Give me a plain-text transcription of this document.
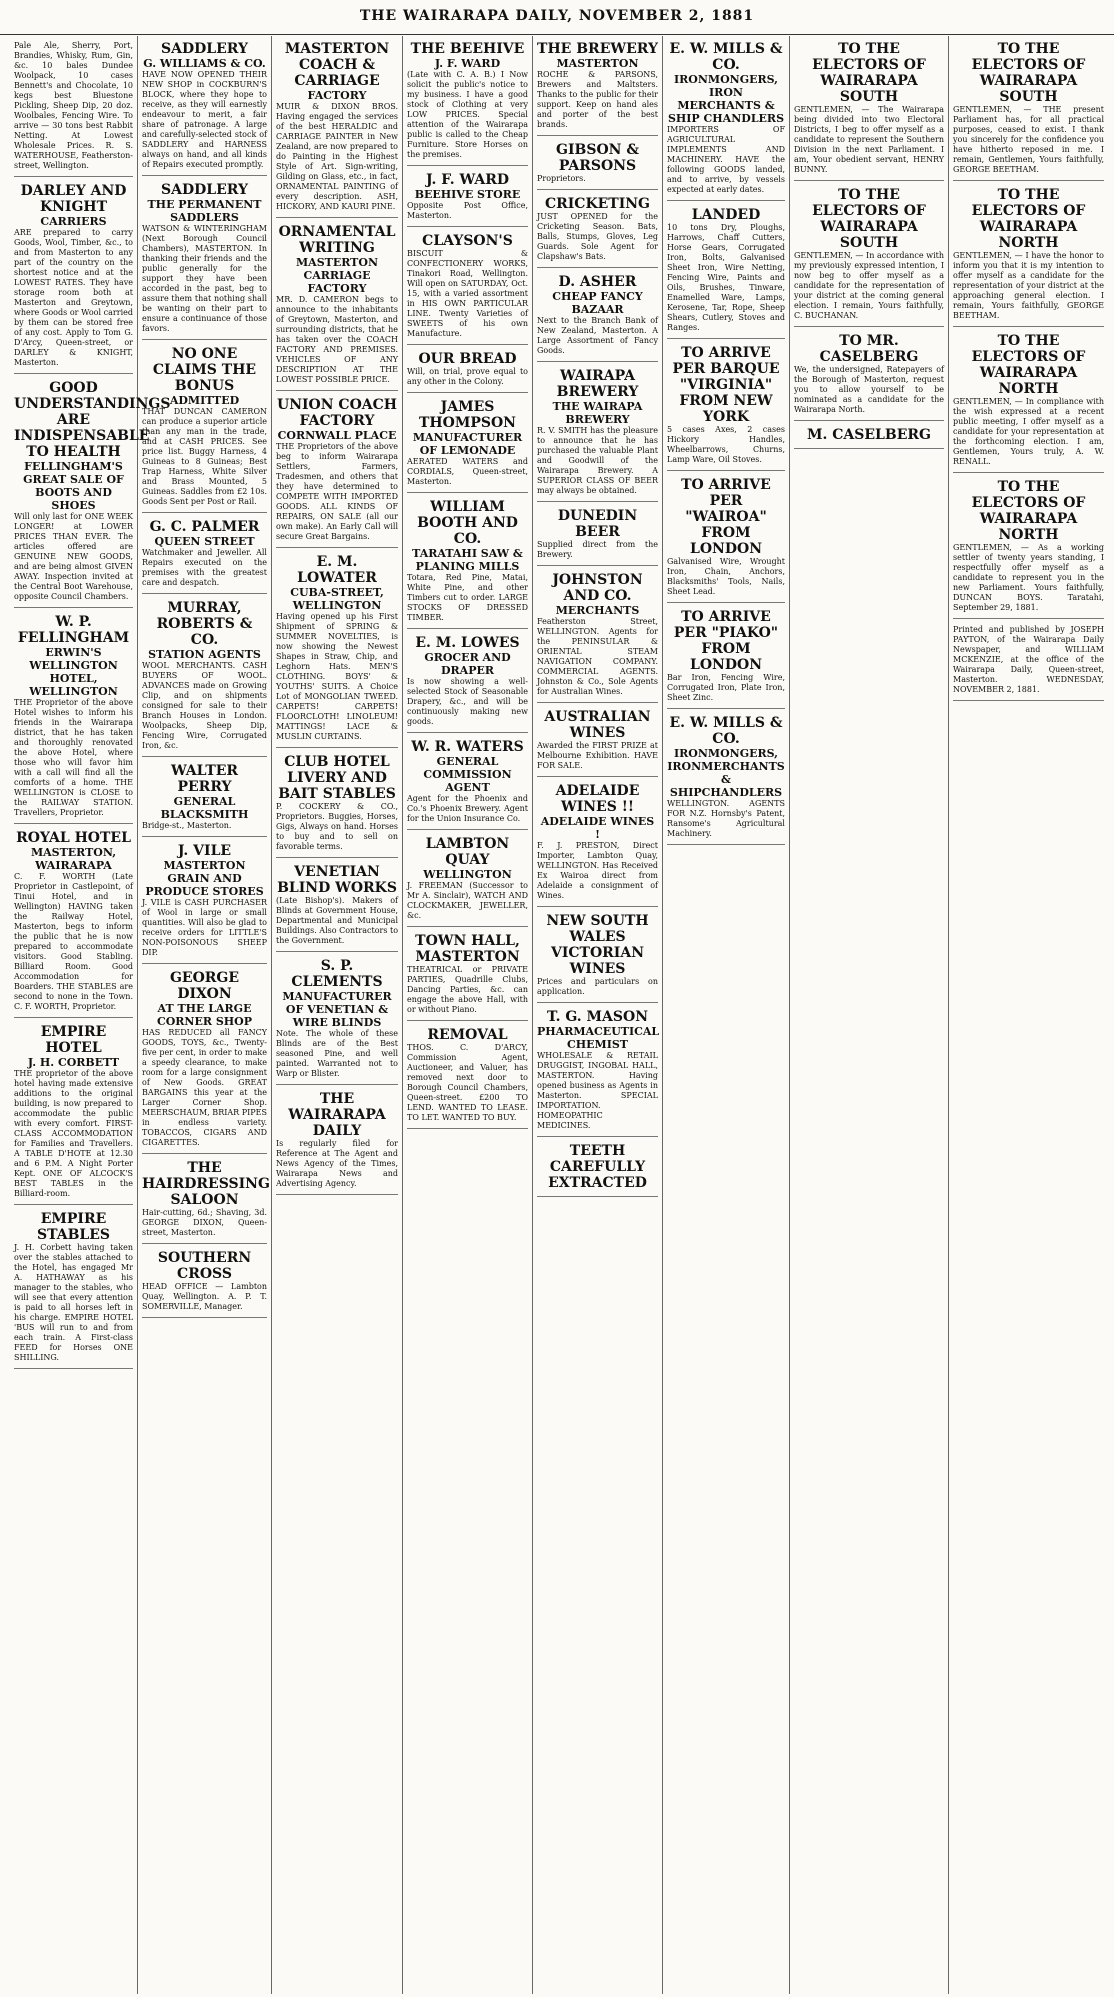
THE WAIRARAPA DAILY, NOVEMBER 2, 1881
Pale Ale, Sherry, Port, Brandies, Whisky, Rum, Gin, &c. 10 bales Dundee Woolpack, 10 cases Bennett's and Chocolate, 10 kegs best Bluestone Pickling, Sheep Dip, 20 doz. Woolbales, Fencing Wire. To arrive — 30 tons best Rabbit Netting. At Lowest Wholesale Prices. R. S. WATERHOUSE, Featherston-street, Wellington.
DARLEY AND KNIGHT
CARRIERS
ARE prepared to carry Goods, Wool, Timber, &c., to and from Masterton to any part of the country on the shortest notice and at the LOWEST RATES. They have storage room both at Masterton and Greytown, where Goods or Wool carried by them can be stored free of any cost. Apply to Tom G. D'Arcy, Queen-street, or DARLEY & KNIGHT, Masterton.
GOOD UNDERSTANDINGS ARE INDISPENSABLE TO HEALTH
FELLINGHAM'S GREAT SALE OF BOOTS AND SHOES
Will only last for ONE WEEK LONGER! at LOWER PRICES THAN EVER. The articles offered are GENUINE NEW GOODS, and are being almost GIVEN AWAY. Inspection invited at the Central Boot Warehouse, opposite Council Chambers.
W. P. FELLINGHAM
ERWIN'S WELLINGTON HOTEL, WELLINGTON
THE Proprietor of the above Hotel wishes to inform his friends in the Wairarapa district, that he has taken and thoroughly renovated the above Hotel, where those who will favor him with a call will find all the comforts of a home. THE WELLINGTON is CLOSE to the RAILWAY STATION. Travellers, Proprietor.
ROYAL HOTEL
MASTERTON, WAIRARAPA
C. F. WORTH (Late Proprietor in Castlepoint, of Tinui Hotel, and in Wellington) HAVING taken the Railway Hotel, Masterton, begs to inform the public that he is now prepared to accommodate visitors. Good Stabling. Billiard Room. Good Accommodation for Boarders. THE STABLES are second to none in the Town. C. F. WORTH, Proprietor.
EMPIRE HOTEL
J. H. CORBETT
THE proprietor of the above hotel having made extensive additions to the original building, is now prepared to accommodate the public with every comfort. FIRST-CLASS ACCOMMODATION for Families and Travellers. A TABLE D'HOTE at 12.30 and 6 P.M. A Night Porter Kept. ONE OF ALCOCK'S BEST TABLES in the Billiard-room.
EMPIRE STABLES
J. H. Corbett having taken over the stables attached to the Hotel, has engaged Mr A. HATHAWAY as his manager to the stables, who will see that every attention is paid to all horses left in his charge. EMPIRE HOTEL 'BUS will run to and from each train. A First-class FEED for Horses ONE SHILLING.
SADDLERY
G. WILLIAMS & CO.
HAVE NOW OPENED THEIR NEW SHOP in COCKBURN'S BLOCK, where they hope to receive, as they will earnestly endeavour to merit, a fair share of patronage. A large and carefully-selected stock of SADDLERY and HARNESS always on hand, and all kinds of Repairs executed promptly.
SADDLERY
THE PERMANENT SADDLERS
WATSON & WINTERINGHAM (Next Borough Council Chambers), MASTERTON. In thanking their friends and the public generally for the support they have been accorded in the past, beg to assure them that nothing shall be wanting on their part to ensure a continuance of those favors.
NO ONE CLAIMS THE BONUS
ADMITTED
THAT DUNCAN CAMERON can produce a superior article than any man in the trade, and at CASH PRICES. See price list. Buggy Harness, 4 Guineas to 8 Guineas; Best Trap Harness, White Silver and Brass Mounted, 5 Guineas. Saddles from £2 10s. Goods Sent per Post or Rail.
G. C. PALMER
QUEEN STREET
Watchmaker and Jeweller. All Repairs executed on the premises with the greatest care and despatch.
MURRAY, ROBERTS & CO.
STATION AGENTS
WOOL MERCHANTS. CASH BUYERS OF WOOL. ADVANCES made on Growing Clip, and on shipments consigned for sale to their Branch Houses in London. Woolpacks, Sheep Dip, Fencing Wire, Corrugated Iron, &c.
WALTER PERRY
GENERAL BLACKSMITH
Bridge-st., Masterton.
J. VILE
MASTERTON GRAIN AND PRODUCE STORES
J. VILE is CASH PURCHASER of Wool in large or small quantities. Will also be glad to receive orders for LITTLE'S NON-POISONOUS SHEEP DIP.
GEORGE DIXON
AT THE LARGE CORNER SHOP
HAS REDUCED all FANCY GOODS, TOYS, &c., Twenty-five per cent, in order to make a speedy clearance, to make room for a large consignment of New Goods. GREAT BARGAINS this year at the Larger Corner Shop. MEERSCHAUM, BRIAR PIPES in endless variety. TOBACCOS, CIGARS AND CIGARETTES.
THE HAIRDRESSING SALOON
Hair-cutting, 6d.; Shaving, 3d. GEORGE DIXON, Queen-street, Masterton.
SOUTHERN CROSS
HEAD OFFICE — Lambton Quay, Wellington. A. P. T. SOMERVILLE, Manager.
MASTERTON COACH & CARRIAGE
FACTORY
MUIR & DIXON BROS. Having engaged the services of the best HERALDIC and CARRIAGE PAINTER in New Zealand, are now prepared to do Painting in the Highest Style of Art. Sign-writing, Gilding on Glass, etc., in fact, ORNAMENTAL PAINTING of every description. ASH, HICKORY, AND KAURI PINE.
ORNAMENTAL WRITING
MASTERTON CARRIAGE FACTORY
MR. D. CAMERON begs to announce to the inhabitants of Greytown, Masterton, and surrounding districts, that he has taken over the COACH FACTORY AND PREMISES. VEHICLES OF ANY DESCRIPTION AT THE LOWEST POSSIBLE PRICE.
UNION COACH FACTORY
CORNWALL PLACE
THE Proprietors of the above beg to inform Wairarapa Settlers, Farmers, Tradesmen, and others that they have determined to COMPETE WITH IMPORTED GOODS. ALL KINDS OF REPAIRS, ON SALE (all our own make). An Early Call will secure Great Bargains.
E. M. LOWATER
CUBA-STREET, WELLINGTON
Having opened up his First Shipment of SPRING & SUMMER NOVELTIES, is now showing the Newest Shapes in Straw, Chip, and Leghorn Hats. MEN'S CLOTHING. BOYS' & YOUTHS' SUITS. A Choice Lot of MONGOLIAN TWEED. CARPETS! CARPETS! FLOORCLOTH! LINOLEUM! MATTINGS! LACE & MUSLIN CURTAINS.
CLUB HOTEL LIVERY AND BAIT STABLES
P. COCKERY & CO., Proprietors. Buggies, Horses, Gigs, Always on hand. Horses to buy and to sell on favorable terms.
VENETIAN BLIND WORKS
(Late Bishop's). Makers of Blinds at Government House, Departmental and Municipal Buildings. Also Contractors to the Government.
S. P. CLEMENTS
MANUFACTURER OF VENETIAN & WIRE BLINDS
Note. The whole of these Blinds are of the Best seasoned Pine, and well painted. Warranted not to Warp or Blister.
THE WAIRARAPA DAILY
Is regularly filed for Reference at The Agent and News Agency of the Times, Wairarapa News and Advertising Agency.
THE BEEHIVE
J. F. WARD
(Late with C. A. B.) I Now solicit the public's notice to my business. I have a good stock of Clothing at very LOW PRICES. Special attention of the Wairarapa public is called to the Cheap Furniture. Store Horses on the premises.
J. F. WARD
BEEHIVE STORE
Opposite Post Office, Masterton.
CLAYSON'S
BISCUIT & CONFECTIONERY WORKS, Tinakori Road, Wellington. Will open on SATURDAY, Oct. 15, with a varied assortment in HIS OWN PARTICULAR LINE. Twenty Varieties of SWEETS of his own Manufacture.
OUR BREAD
Will, on trial, prove equal to any other in the Colony.
JAMES THOMPSON
MANUFACTURER OF LEMONADE
AERATED WATERS and CORDIALS, Queen-street, Masterton.
WILLIAM BOOTH AND CO.
TARATAHI SAW & PLANING MILLS
Totara, Red Pine, Matai, White Pine, and other Timbers cut to order. LARGE STOCKS OF DRESSED TIMBER.
E. M. LOWES
GROCER AND DRAPER
Is now showing a well-selected Stock of Seasonable Drapery, &c., and will be continuously making new goods.
W. R. WATERS
GENERAL COMMISSION AGENT
Agent for the Phoenix and Co.'s Phoenix Brewery. Agent for the Union Insurance Co.
LAMBTON QUAY
WELLINGTON
J. FREEMAN (Successor to Mr A. Sinclair), WATCH AND CLOCKMAKER, JEWELLER, &c.
TOWN HALL, MASTERTON
THEATRICAL or PRIVATE PARTIES, Quadrille Clubs, Dancing Parties, &c. can engage the above Hall, with or without Piano.
REMOVAL
THOS. C. D'ARCY, Commission Agent, Auctioneer, and Valuer, has removed next door to Borough Council Chambers, Queen-street. £200 TO LEND. WANTED TO LEASE. TO LET. WANTED TO BUY.
THE BREWERY
MASTERTON
ROCHE & PARSONS, Brewers and Maltsters. Thanks to the public for their support. Keep on hand ales and porter of the best brands.
GIBSON & PARSONS
Proprietors.
CRICKETING
JUST OPENED for the Cricketing Season. Bats, Balls, Stumps, Gloves, Leg Guards. Sole Agent for Clapshaw's Bats.
D. ASHER
CHEAP FANCY BAZAAR
Next to the Branch Bank of New Zealand, Masterton. A Large Assortment of Fancy Goods.
WAIRAPA BREWERY
THE WAIRAPA BREWERY
R. V. SMITH has the pleasure to announce that he has purchased the valuable Plant and Goodwill of the Wairarapa Brewery. A SUPERIOR CLASS OF BEER may always be obtained.
DUNEDIN BEER
Supplied direct from the Brewery.
JOHNSTON AND CO.
MERCHANTS
Featherston Street, WELLINGTON. Agents for the PENINSULAR & ORIENTAL STEAM NAVIGATION COMPANY. COMMERCIAL AGENTS. Johnston & Co., Sole Agents for Australian Wines.
AUSTRALIAN WINES
Awarded the FIRST PRIZE at Melbourne Exhibition. HAVE FOR SALE.
ADELAIDE WINES !!
ADELAIDE WINES !
F. J. PRESTON, Direct Importer, Lambton Quay, WELLINGTON. Has Received Ex Wairoa direct from Adelaide a consignment of Wines.
NEW SOUTH WALES VICTORIAN WINES
Prices and particulars on application.
T. G. MASON
PHARMACEUTICAL CHEMIST
WHOLESALE & RETAIL DRUGGIST, INGOBAL HALL, MASTERTON. Having opened business as Agents in Masterton. SPECIAL IMPORTATION. HOMEOPATHIC MEDICINES.
TEETH CAREFULLY EXTRACTED
E. W. MILLS & CO.
IRONMONGERS, IRON MERCHANTS & SHIP CHANDLERS
IMPORTERS OF AGRICULTURAL IMPLEMENTS AND MACHINERY. HAVE the following GOODS landed, and to arrive, by vessels expected at early dates.
LANDED
10 tons Dry, Ploughs, Harrows, Chaff Cutters, Horse Gears, Corrugated Iron, Bolts, Galvanised Sheet Iron, Wire Netting, Fencing Wire, Paints and Oils, Brushes, Tinware, Enamelled Ware, Lamps, Kerosene, Tar, Rope, Sheep Shears, Cutlery, Stoves and Ranges.
TO ARRIVE PER BARQUE "VIRGINIA" FROM NEW YORK
5 cases Axes, 2 cases Hickory Handles, Wheelbarrows, Churns, Lamp Ware, Oil Stoves.
TO ARRIVE PER "WAIROA" FROM LONDON
Galvanised Wire, Wrought Iron, Chain, Anchors, Blacksmiths' Tools, Nails, Sheet Lead.
TO ARRIVE PER "PIAKO" FROM LONDON
Bar Iron, Fencing Wire, Corrugated Iron, Plate Iron, Sheet Zinc.
E. W. MILLS & CO.
IRONMONGERS, IRONMERCHANTS & SHIPCHANDLERS
WELLINGTON. AGENTS FOR N.Z. Hornsby's Patent, Ransome's Agricultural Machinery.
TO THE ELECTORS OF WAIRARAPA SOUTH
GENTLEMEN, — The Wairarapa being divided into two Electoral Districts, I beg to offer myself as a candidate to represent the Southern Division in the next Parliament. I am, Your obedient servant, HENRY BUNNY.
TO THE ELECTORS OF WAIRARAPA SOUTH
GENTLEMEN, — In accordance with my previously expressed intention, I now beg to offer myself as a candidate for the representation of your district at the coming general election. I remain, Yours faithfully, C. BUCHANAN.
TO MR. CASELBERG
We, the undersigned, Ratepayers of the Borough of Masterton, request you to allow yourself to be nominated as a candidate for the Wairarapa North.
M. CASELBERG
TO THE ELECTORS OF WAIRARAPA SOUTH
GENTLEMEN, — THE present Parliament has, for all practical purposes, ceased to exist. I thank you sincerely for the confidence you have hitherto reposed in me. I remain, Gentlemen, Yours faithfully, GEORGE BEETHAM.
TO THE ELECTORS OF WAIRARAPA NORTH
GENTLEMEN, — I have the honor to inform you that it is my intention to offer myself as a candidate for the representation of your district at the approaching general election. I remain, Yours faithfully, GEORGE BEETHAM.
TO THE ELECTORS OF WAIRARAPA NORTH
GENTLEMEN, — In compliance with the wish expressed at a recent public meeting, I offer myself as a candidate for your representation at the forthcoming election. I am, Gentlemen, Yours truly, A. W. RENALL.
TO THE ELECTORS OF WAIRARAPA NORTH
GENTLEMEN, — As a working settler of twenty years standing, I respectfully offer myself as a candidate to represent you in the new Parliament. Yours faithfully, DUNCAN BOYS. Taratahi, September 29, 1881.
Printed and published by JOSEPH PAYTON, of the Wairarapa Daily Newspaper, and WILLIAM MCKENZIE, at the office of the Wairarapa Daily, Queen-street, Masterton. WEDNESDAY, NOVEMBER 2, 1881.
